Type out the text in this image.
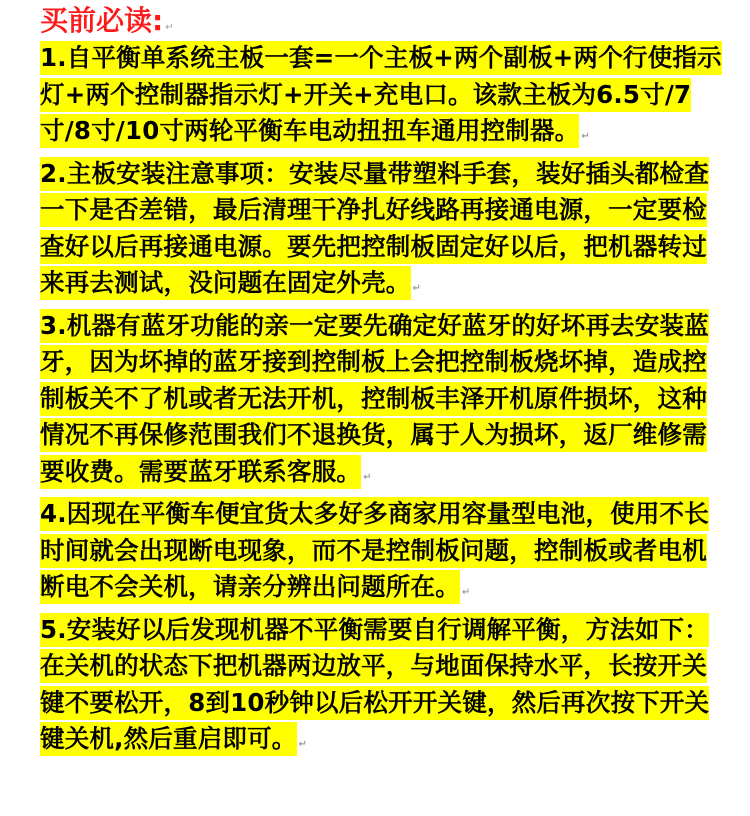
买前必读: ↵

1.自平衡单系统主板一套=一个主板+两个副板+两个行使指示灯+两个控制器指示灯+开关+充电口。该款主板为6.5寸/7寸/8寸/10寸两轮平衡车电动扭扭车通用控制器。 ↵

2.主板安装注意事项：安装尽量带塑料手套，装好插头都检查一下是否差错，最后清理干净扎好线路再接通电源，一定要检查好以后再接通电源。要先把控制板固定好以后，把机器转过来再去测试，没问题在固定外壳。 ↵

3.机器有蓝牙功能的亲一定要先确定好蓝牙的好坏再去安装蓝牙，因为坏掉的蓝牙接到控制板上会把控制板烧坏掉，造成控制板关不了机或者无法开机，控制板丰泽开机原件损坏，这种情况不再保修范围我们不退换货，属于人为损坏，返厂维修需要收费。需要蓝牙联系客服。 ↵

4.因现在平衡车便宜货太多好多商家用容量型电池，使用不长时间就会出现断电现象，而不是控制板问题，控制板或者电机断电不会关机，请亲分辨出问题所在。 ↵

5.安装好以后发现机器不平衡需要自行调解平衡，方法如下：在关机的状态下把机器两边放平，与地面保持水平，长按开关键不要松开，8到10秒钟以后松开开关键，然后再次按下开关键关机,然后重启即可。 ↵
